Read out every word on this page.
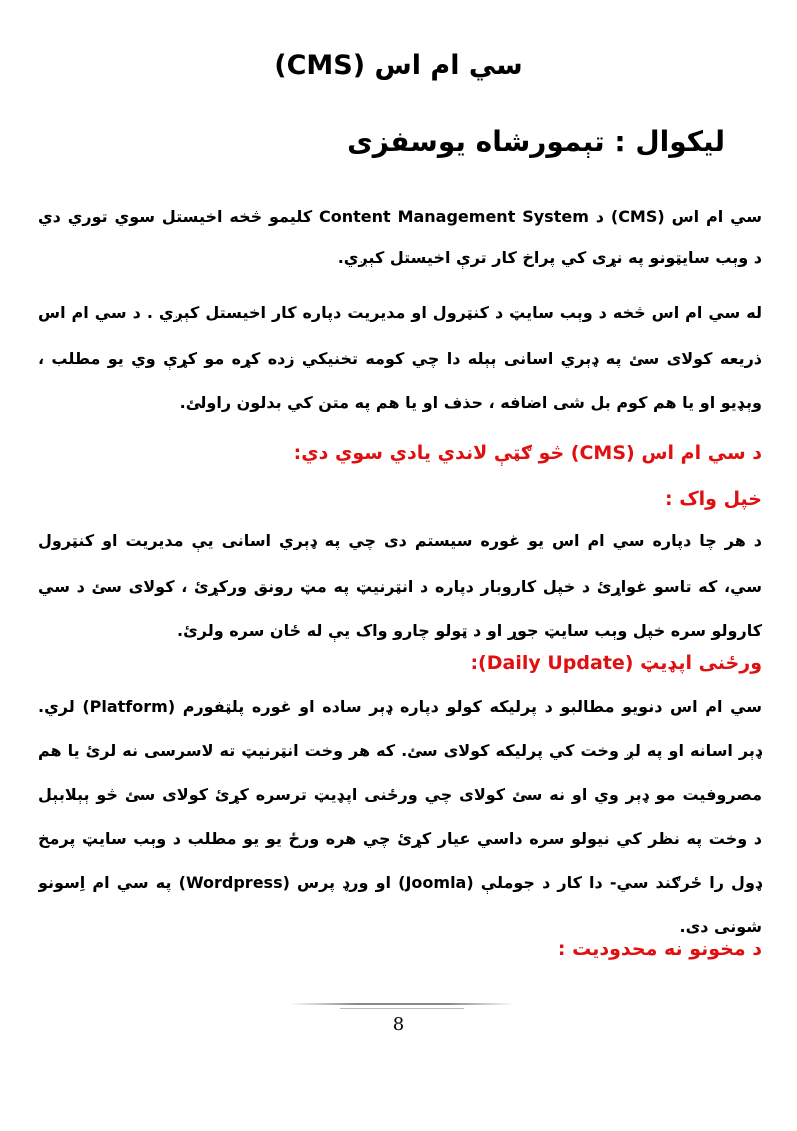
سي ام اس (CMS)
ليکوال : تېمورشاه يوسفزی
سي ام اس (CMS) د Content Management System کليمو څخه اخيستل سوي توري دي
د وېب سايټونو په نړی کي پراخ کار ترې اخيستل کېږي.
له سي ام اس څخه د وېب سايټ د کنټرول او مديريت دپاره کار اخيستل کېږي . د سي ام اس
ذريعه کولای سئ په ډېري اسانی ېېله دا چي کومه تخنيکي زده کړه مو کړې وي يو مطلب ،
وېډيو او يا هم کوم بل شی اضافه ، حذف او يا هم په متن کي بدلون راولئ.
د سي ام اس (CMS) څو ګټې لاندي يادي سوي دي:
خپل واک :
د هر چا دپاره سي ام اس يو غوره سيستم دی چي په ډېري اسانی يې مديريت او کنټرول
سي، که تاسو غواړئ د خپل کاروبار دپاره د انټرنيټ په مټ رونق ورکړئ ، کولای سئ د سي
کارولو سره خپل وېب سايټ جوړ او د ټولو چارو واک يې له ځان سره ولرئ.
ورځنی اپډيټ (Daily Update):
سي ام اس دنويو مطالبو د پرليکه کولو دپاره ډېر ساده او غوره پلټفورم (Platform) لري.
ډېر اسانه او په لږ وخت کي پرليکه کولای سئ. که هر وخت انټرنيټ ته لاسرسی نه لرئ يا هم
مصروفيت مو ډېر وي او نه سئ کولای چي ورځنی اپډيټ ترسره کړئ کولای سئ څو ېېلابېل
د وخت په نظر کي نيولو سره داسي عيار کړئ چي هره ورځ يو يو مطلب د وېب سايټ پرمخ
ډول را ځرګند سي- دا کار د جوملې (Joomla) او ورډ پرس (Wordpress) په سي ام اِسونو
شونی دی.
د مخونو نه محدوديت :
8
